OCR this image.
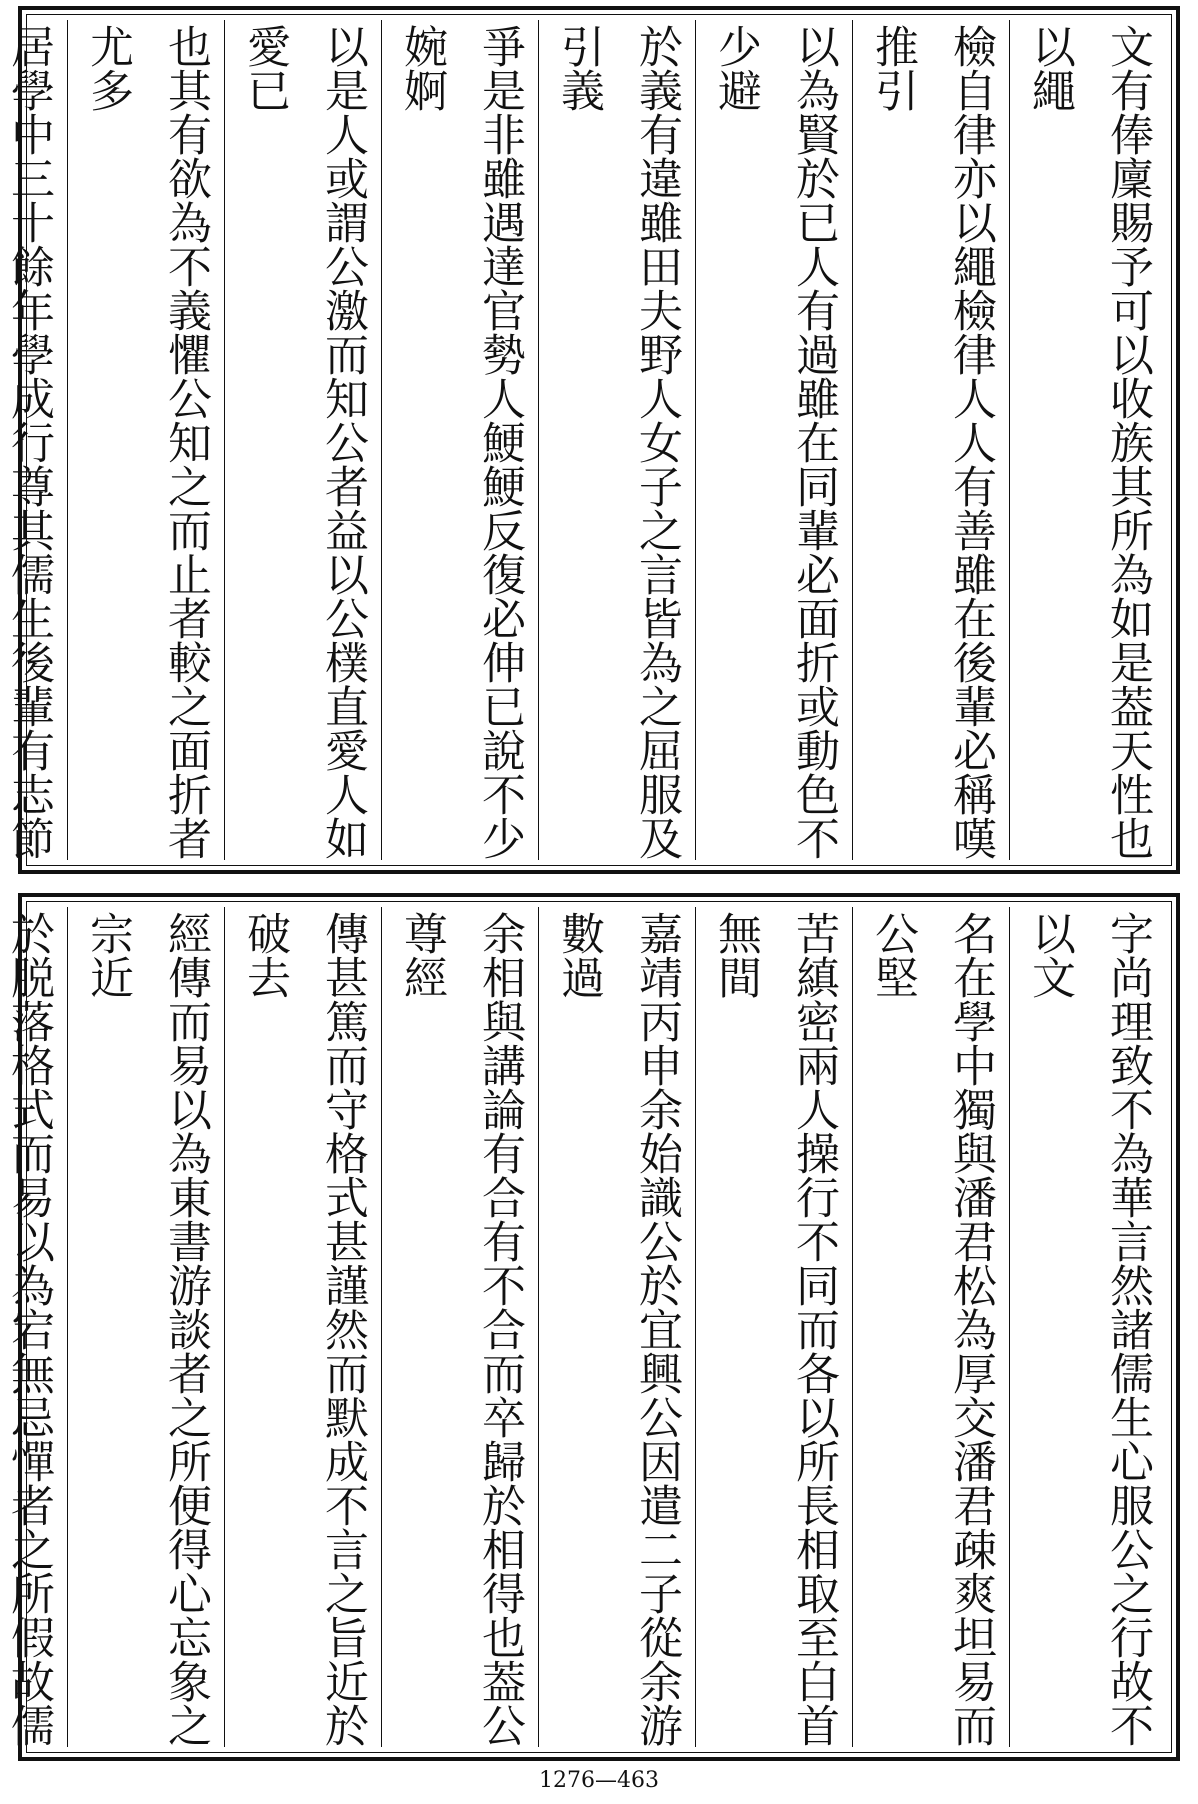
文有俸廩賜予可以收族其所為如是葢天性也以繩
檢自律亦以繩檢律人人有善雖在後輩必稱嘆推引
以為賢於已人有過雖在同輩必面折或動色不少避
於義有違雖田夫野人女子之言皆為之屈服及引義
爭是非雖遇達官勢人鯁鯁反復必伸已說不少婉婀
以是人或謂公激而知公者益以公樸直愛人如愛已
也其有欲為不義懼公知之而止者較之面折者尤多
居學中三十餘年學成行尊其儒生後輩有志節
字尚理致不為華言然諸儒生心服公之行故不以文
名在學中獨與潘君松為厚交潘君疎爽坦易而公堅
苦縝密兩人操行不同而各以所長相取至白首無間
嘉靖丙申余始識公於宜興公因遣二子從余游數過
余相與講論有合有不合而卒歸於相得也葢公尊經
傳甚篤而守格式甚謹然而默成不言之旨近於破去
經傳而易以為東書游談者之所便得心忘象之宗近
於脱落格式而易以為宕無忌憚者之所假故儒
1276—463
